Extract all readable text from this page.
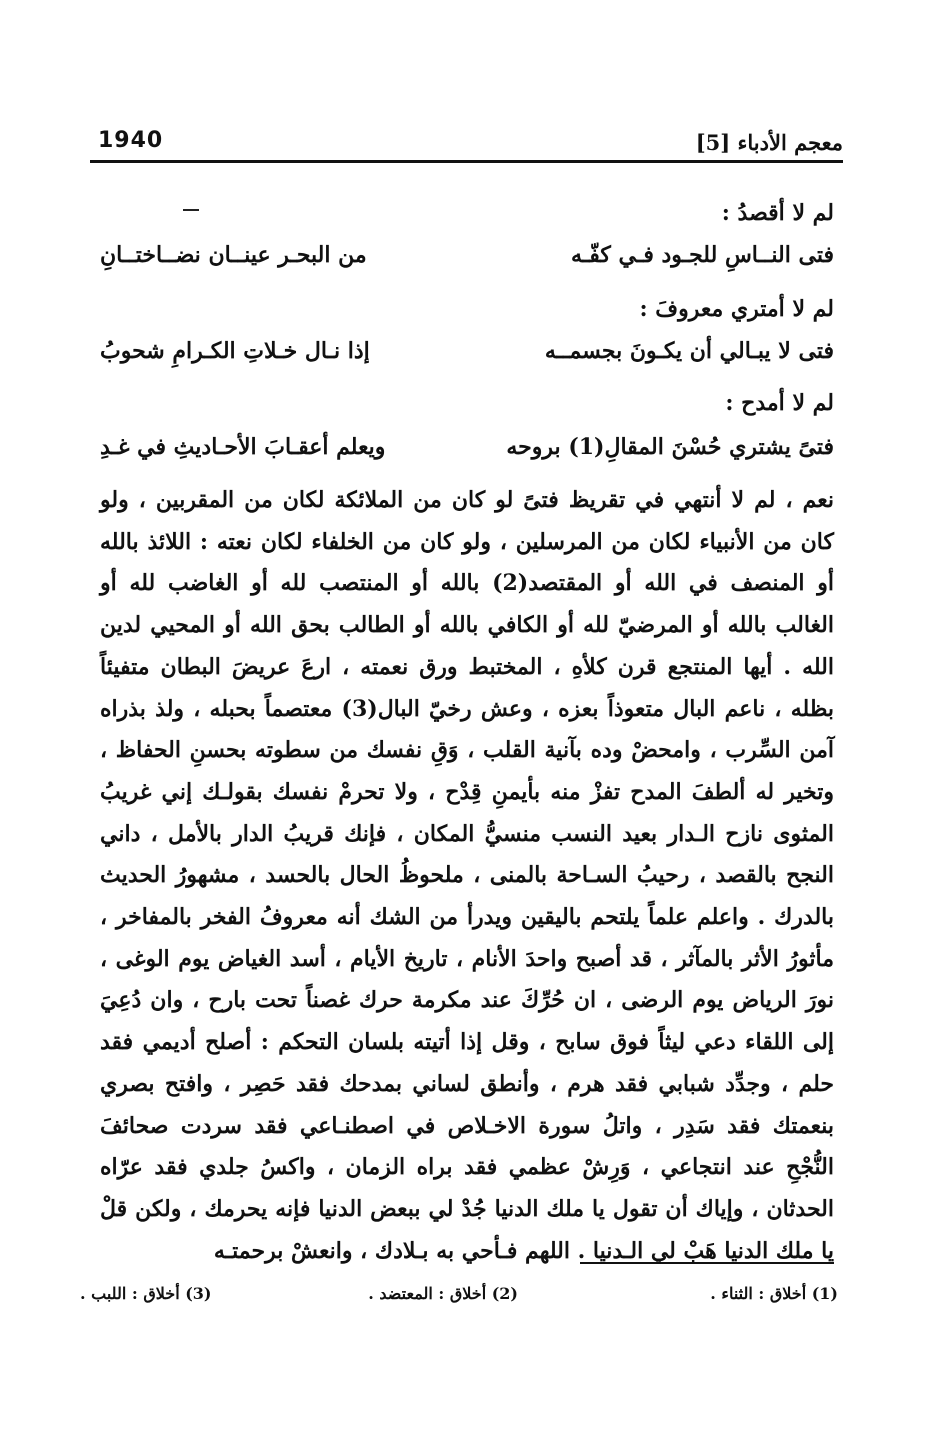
معجم الأدباء [5]
1940
لم لا أقصدُ :
فتى النــاسِ للجـود فـي كفّـه
من البحـر عينــان نضــاختــانِ
لم لا أمتري معروفَ :
فتى لا يبـالي أن يكـونَ بجسمــه
إذا نـال خـلاتِ الكـرامِ شحوبُ
لم لا أمدح :
فتىً يشتري حُسْنَ المقالِ(1) بروحه
ويعلم أعقـابَ الأحـاديثِ في غـدِ
نعم ، لم لا أنتهي في تقريظ فتىً لو كان من الملائكة لكان من المقربين ، ولو كان من الأنبياء لكان من المرسلين ، ولو كان من الخلفاء لكان نعته : اللائذ بالله أو المنصف في الله أو المقتصد(2) بالله أو المنتصب لله أو الغاضب لله أو الغالب بالله أو المرضيّ لله أو الكافي بالله أو الطالب بحق الله أو المحيي لدين الله . أيها المنتجع قرن كلأهِ ، المختبط ورق نعمته ، ارعَ عريضَ البطان متفيئاً بظله ، ناعم البال متعوذاً بعزه ، وعش رخيّ البال(3) معتصماً بحبله ، ولذ بذراه آمن السِّرب ، وامحضْ وده بآنية القلب ، وَقِ نفسك من سطوته بحسنِ الحفاظ ، وتخير له ألطفَ المدح تفزْ منه بأيمنِ قِدْح ، ولا تحرمْ نفسك بقولـك إني غريبُ المثوى نازح الـدار بعيد النسب منسيُّ المكان ، فإنك قريبُ الدار بالأمل ، داني النجح بالقصد ، رحيبُ السـاحة بالمنى ، ملحوظُ الحال بالحسد ، مشهورُ الحديث بالدرك . واعلم علماً يلتحم باليقين ويدرأ من الشك أنه معروفُ الفخر بالمفاخر ، مأثورُ الأثر بالمآثر ، قد أصبح واحدَ الأنام ، تاريخ الأيام ، أسد الغياض يوم الوغى ، نورَ الرياض يوم الرضى ، ان حُرِّكَ عند مكرمة حرك غصناً تحت بارح ، وان دُعِيَ إلى اللقاء دعي ليثاً فوق سابح ، وقل إذا أتيته بلسان التحكم : أصلح أديمي فقد حلم ، وجدِّد شبابي فقد هرم ، وأنطق لساني بمدحك فقد حَصِر ، وافتح بصري بنعمتك فقد سَدِر ، واتلُ سورة الاخـلاص في اصطنـاعي فقد سردت صحائفَ النُّجْحِ عند انتجاعي ، وَرِشْ عظمي فقد براه الزمان ، واكسُ جلدي فقد عرّاه الحدثان ، وإياك أن تقول يا ملك الدنيا جُدْ لي ببعض الدنيا فإنه يحرمك ، ولكن قلْ يا ملك الدنيا هَبْ لي الـدنيا . اللهم فـأحي به بـلادك ، وانعشْ برحمتـه
(1) أخلاق : الثناء .
(2) أخلاق : المعتضد .
(3) أخلاق : اللبب .
